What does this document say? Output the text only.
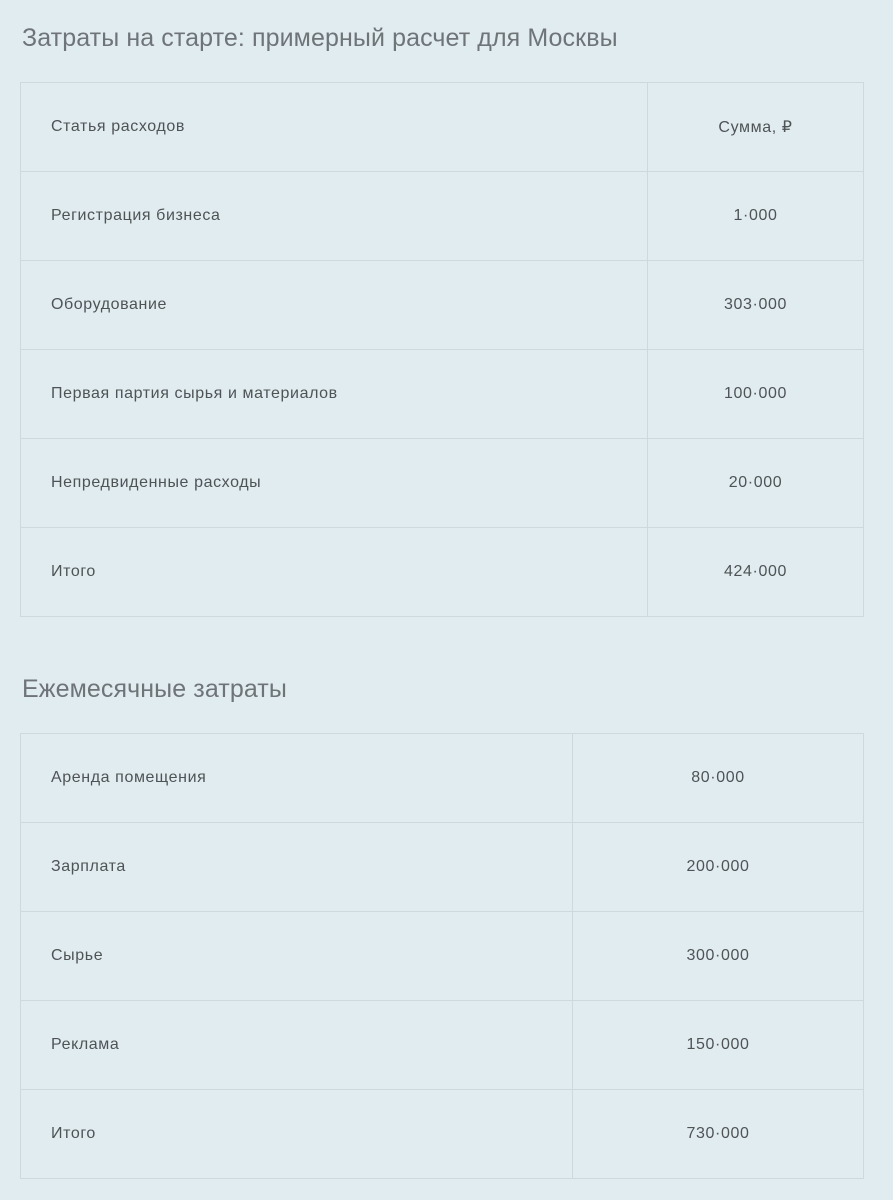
Затраты на старте: примерный расчет для Москвы
Статья расходов	Сумма, ₽
Регистрация бизнеса	1·000
Оборудование	303·000
Первая партия сырья и материалов	100·000
Непредвиденные расходы	20·000
Итого	424·000
Ежемесячные затраты
Аренда помещения	80·000
Зарплата	200·000
Сырье	300·000
Реклама	150·000
Итого	730·000
